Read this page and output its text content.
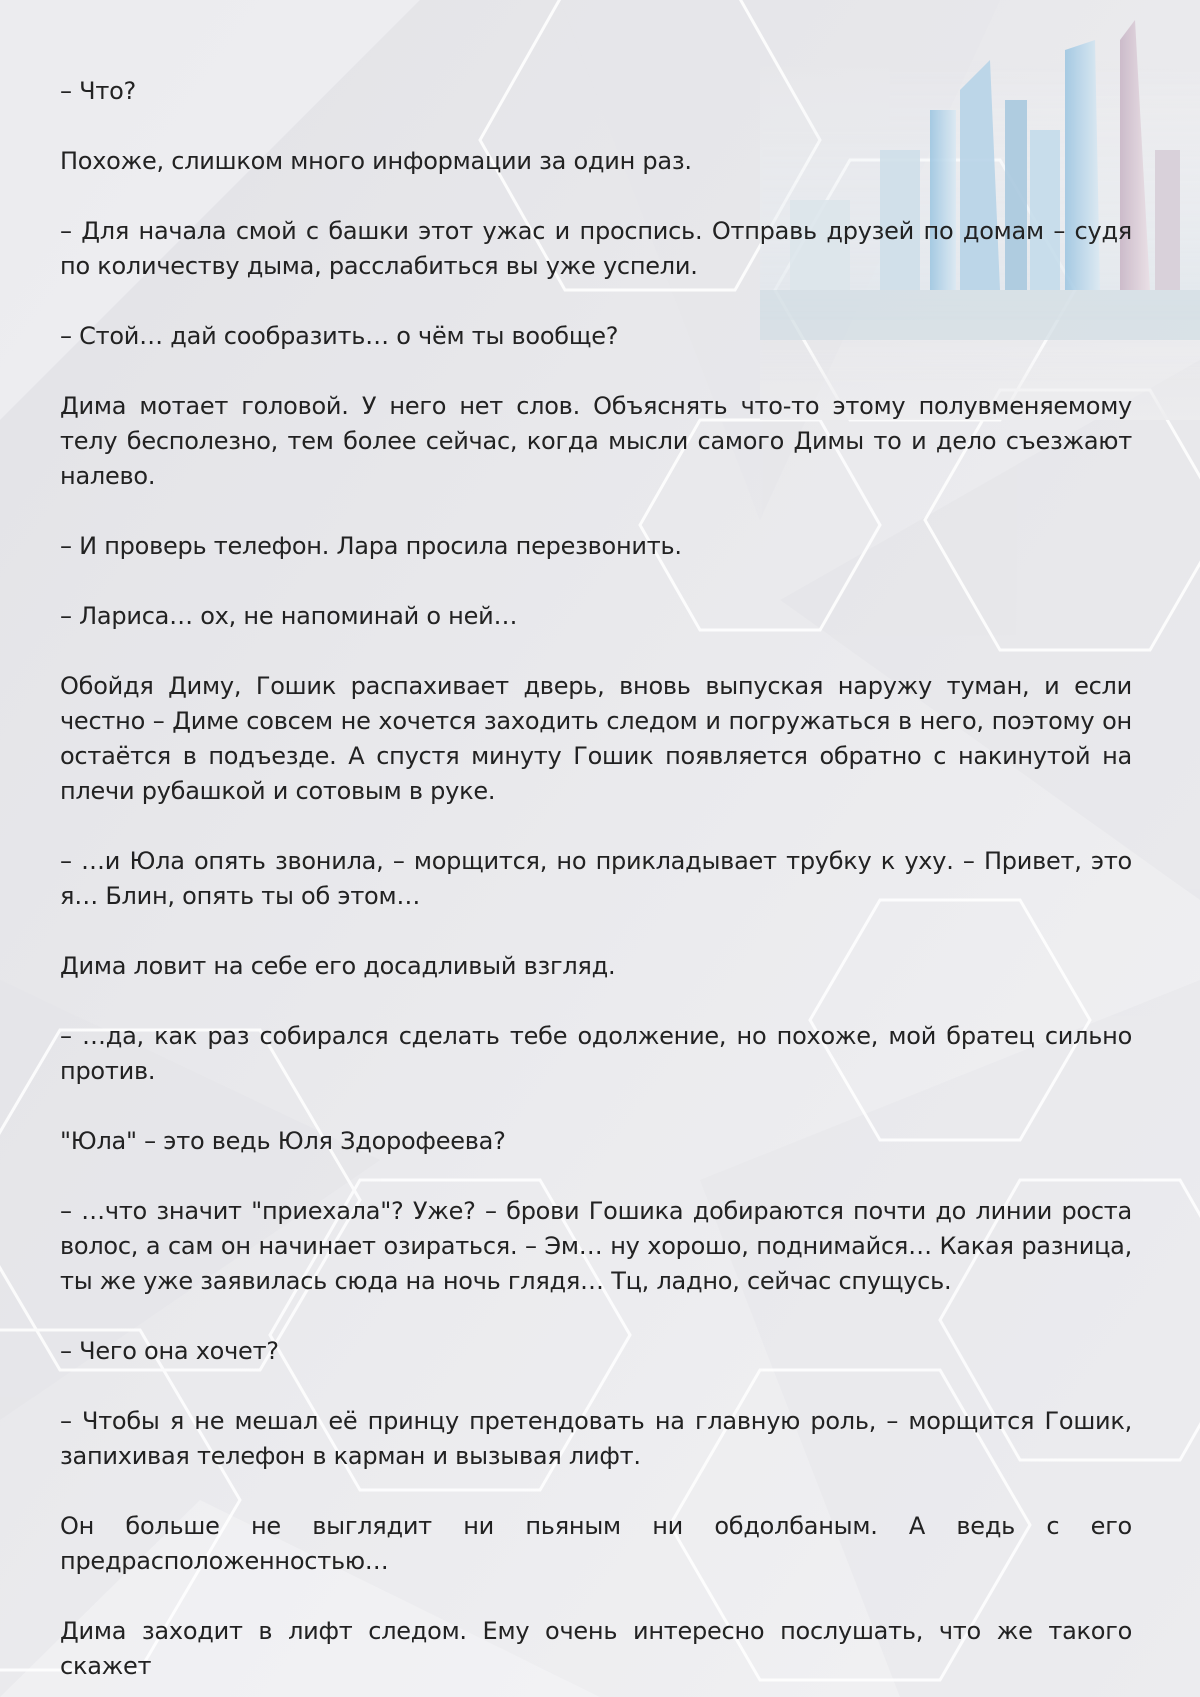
– Что?

Похоже, слишком много информации за один раз.

– Для начала смой с башки этот ужас и проспись. Отправь друзей по домам – судя по количеству дыма, расслабиться вы уже успели.

– Стой… дай сообразить… о чём ты вообще?

Дима мотает головой. У него нет слов. Объяснять что-то этому полувменяемому телу бесполезно, тем более сейчас, когда мысли самого Димы то и дело съезжают налево.

– И проверь телефон. Лара просила перезвонить.

– Лариса… ох, не напоминай о ней…

Обойдя Диму, Гошик распахивает дверь, вновь выпуская наружу туман, и если честно – Диме совсем не хочется заходить следом и погружаться в него, поэтому он остаётся в подъезде. А спустя минуту Гошик появляется обратно с накинутой на плечи рубашкой и сотовым в руке.

– …и Юла опять звонила, – морщится, но прикладывает трубку к уху. – Привет, это я… Блин, опять ты об этом…

Дима ловит на себе его досадливый взгляд.

– …да, как раз собирался сделать тебе одолжение, но похоже, мой братец сильно против.

"Юла" – это ведь Юля Здорофеева?

– …что значит "приехала"? Уже? – брови Гошика добираются почти до линии роста волос, а сам он начинает озираться. – Эм… ну хорошо, поднимайся… Какая разница, ты же уже заявилась сюда на ночь глядя… Тц, ладно, сейчас спущусь.

– Чего она хочет?

– Чтобы я не мешал её принцу претендовать на главную роль, – морщится Гошик, запихивая телефон в карман и вызывая лифт.

Он больше не выглядит ни пьяным ни обдолбаным. А ведь с его предрасположенностью…

Дима заходит в лифт следом. Ему очень интересно послушать, что же такого скажет
